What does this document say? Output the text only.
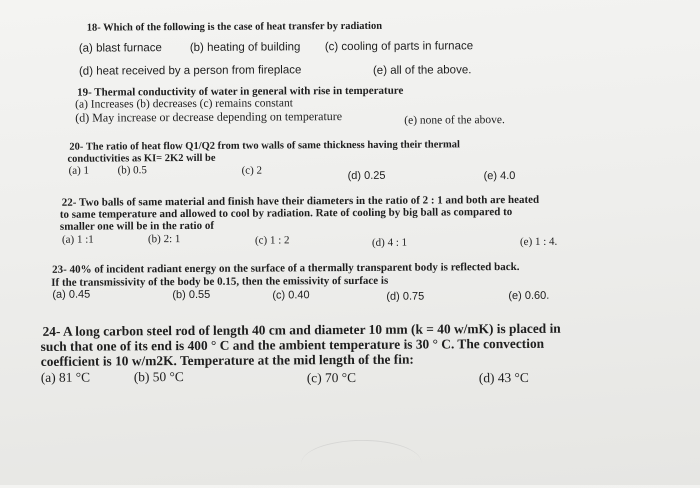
18- Which of the following is the case of heat transfer by radiation
(a) blast furnace (b) heating of building (c) cooling of parts in furnace
(d) heat received by a person from fireplace	(e) all of the above.
19- Thermal conductivity of water in general with rise in temperature
(a) Increases (b) decreases (c) remains constant
(d) May increase or decrease depending on temperature	(e) none of the above.
20- The ratio of heat flow Q1/Q2 from two walls of same thickness having their thermal
conductivities as KI= 2K2 will be
(a) 1	(b) 0.5	(c) 2	(d) 0.25	(e) 4.0
22- Two balls of same material and finish have their diameters in the ratio of 2 : 1 and both are heated
to same temperature and allowed to cool by radiation. Rate of cooling by big ball as compared to
smaller one will be in the ratio of
(a) 1 :1	(b) 2: 1	(c) 1 : 2	(d) 4 : 1	(e) 1 : 4.
23- 40% of incident radiant energy on the surface of a thermally transparent body is reflected back.
If the transmissivity of the body be 0.15, then the emissivity of surface is
(a) 0.45	(b) 0.55	(c) 0.40	(d) 0.75	(e) 0.60.
24- A long carbon steel rod of length 40 cm and diameter 10 mm (k = 40 w/mK) is placed in
such that one of its end is 400 ° C and the ambient temperature is 30 ° C. The convection
coefficient is 10 w/m2K. Temperature at the mid length of the fin:
(a) 81 °C	(b) 50 °C	(c) 70 °C	(d) 43 °C
